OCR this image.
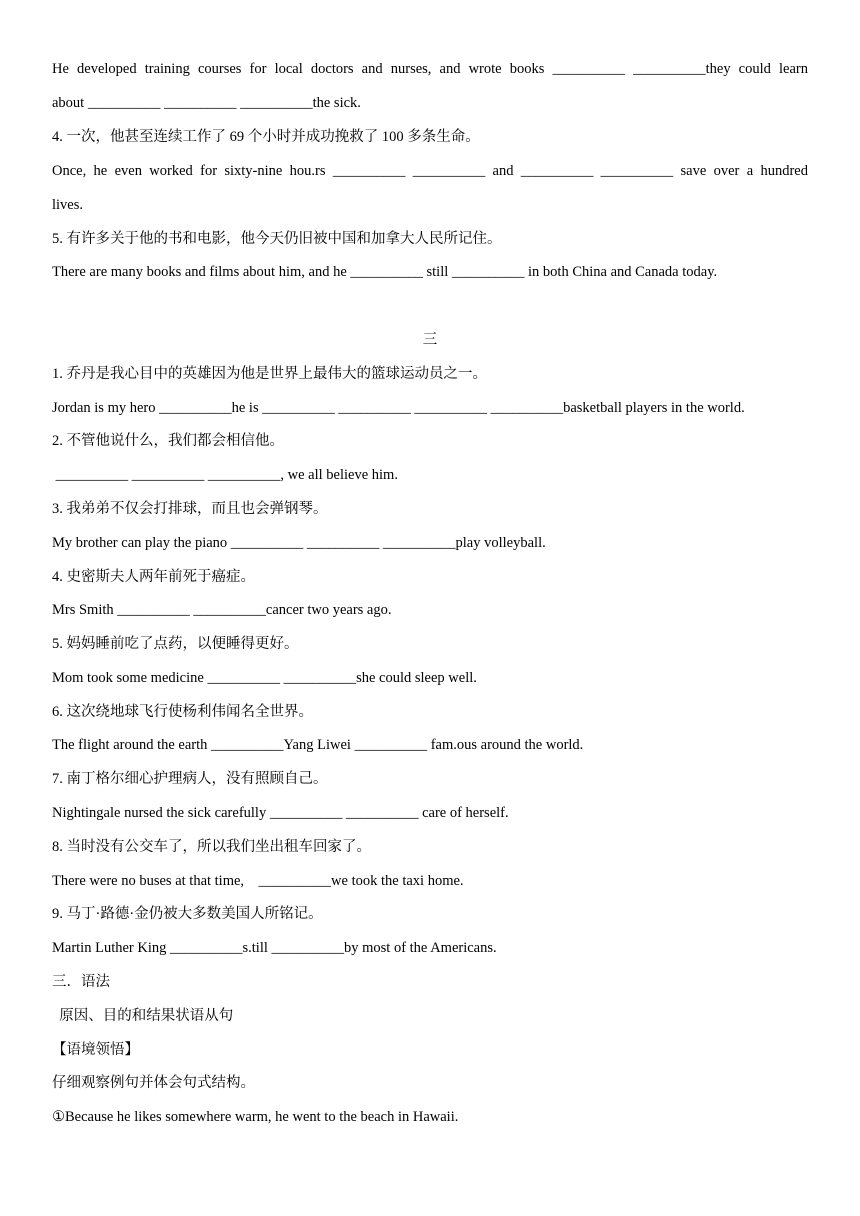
He developed training courses for local doctors and nurses, and wrote books __________ __________they could learn
about __________ __________ __________the sick.
4. 一次，他甚至连续工作了 69 个小时并成功挽救了 100 多条生命。
Once, he even worked for sixty-nine hou.rs __________ __________ and __________ __________ save over a hundred
lives.
5. 有许多关于他的书和电影，他今天仍旧被中国和加拿大人民所记住。
There are many books and films about him, and he __________ still __________ in both China and Canada today.
三
1. 乔丹是我心目中的英雄因为他是世界上最伟大的篮球运动员之一。
Jordan is my hero __________he is __________ __________ __________ __________basketball players in the world.
2. 不管他说什么，我们都会相信他。
__________ __________ __________, we all believe him.
3. 我弟弟不仅会打排球，而且也会弹钢琴。
My brother can play the piano __________ __________ __________play volleyball.
4. 史密斯夫人两年前死于癌症。
Mrs Smith __________ __________cancer two years ago.
5. 妈妈睡前吃了点药，以便睡得更好。
Mom took some medicine __________ __________she could sleep well.
6. 这次绕地球飞行使杨利伟闻名全世界。
The flight around the earth __________Yang Liwei __________ fam.ous around the world.
7. 南丁格尔细心护理病人，没有照顾自己。
Nightingale nursed the sick carefully __________ __________ care of herself.
8. 当时没有公交车了，所以我们坐出租车回家了。
There were no buses at that time,    __________we took the taxi home.
9. 马丁·路德·金仍被大多数美国人所铭记。
Martin Luther King __________s.till __________by most of the Americans.
三．语法
原因、目的和结果状语从句
【语境领悟】
仔细观察例句并体会句式结构。
①Because he likes somewhere warm, he went to the beach in Hawaii.
